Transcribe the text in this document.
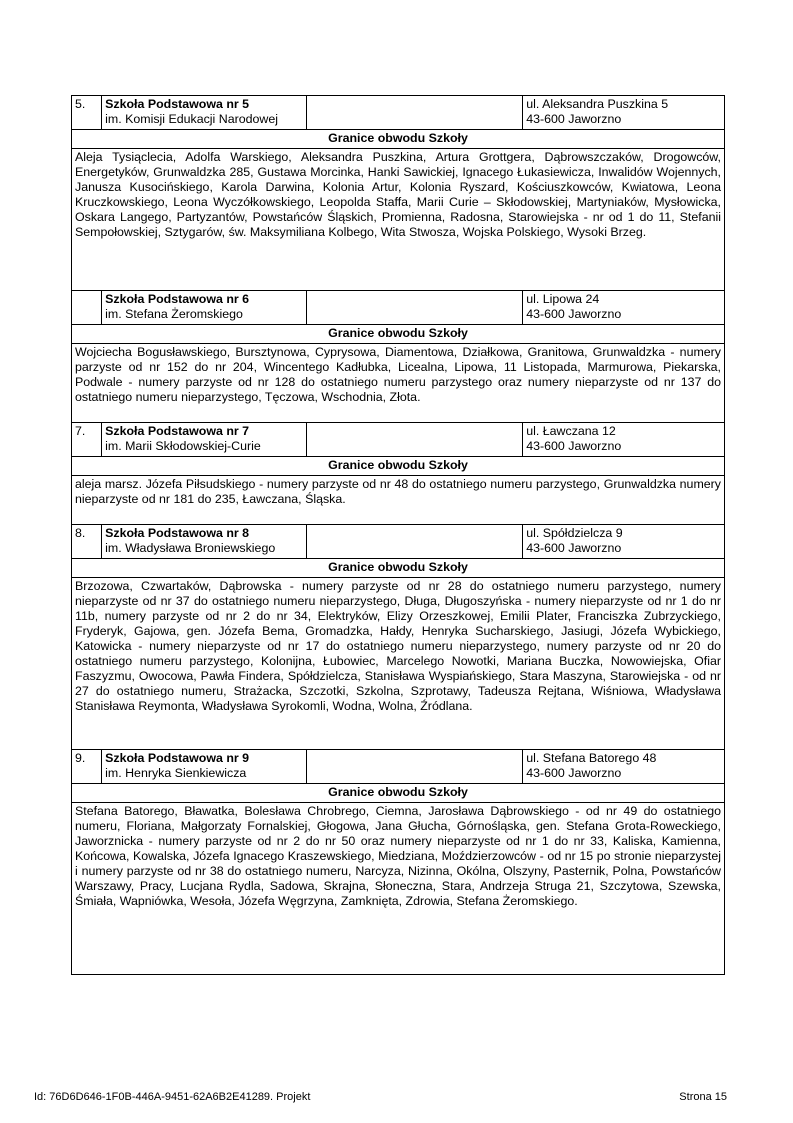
5.	Szkoła Podstawowa nr 5
im. Komisji Edukacji Narodowej		ul. Aleksandra Puszkina 5
43-600 Jaworzno

Granice obwodu Szkoły			
Aleja Tysiąclecia, Adolfa Warskiego, Aleksandra Puszkina, Artura Grottgera, Dąbrowszczaków, Drogowców, Energetyków, Grunwaldzka 285, Gustawa Morcinka, Hanki Sawickiej, Ignacego Łukasiewicza, Inwalidów Wojennych, Janusza Kusocińskiego, Karola Darwina, Kolonia Artur, Kolonia Ryszard, Kościuszkowców, Kwiatowa, Leona Kruczkowskiego, Leona Wyczółkowskiego, Leopolda Staffa, Marii Curie – Skłodowskiej, Martyniaków, Mysłowicka, Oskara Langego, Partyzantów, Powstańców Śląskich, Promienna, Radosna, Starowiejska - nr od 1 do 11, Stefanii Sempołowskiej, Sztygarów, św. Maksymiliana Kolbego, Wita Stwosza, Wojska Polskiego, Wysoki Brzeg.			

	Szkoła Podstawowa nr 6
im. Stefana Żeromskiego		ul. Lipowa 24
43-600 Jaworzno

Granice obwodu Szkoły			
Wojciecha Bogusławskiego, Bursztynowa, Cyprysowa, Diamentowa, Działkowa, Granitowa, Grunwaldzka - numery parzyste od nr 152 do nr 204, Wincentego Kadłubka, Licealna, Lipowa, 11 Listopada, Marmurowa, Piekarska, Podwale - numery parzyste od nr 128 do ostatniego numeru parzystego oraz numery nieparzyste od nr 137 do ostatniego numeru nieparzystego, Tęczowa, Wschodnia, Złota.			
7.	Szkoła Podstawowa nr 7
im. Marii Skłodowskiej-Curie		ul. Ławczana 12
43-600 Jaworzno

Granice obwodu Szkoły			
aleja marsz. Józefa Piłsudskiego - numery parzyste od nr 48 do ostatniego numeru parzystego, Grunwaldzka numery nieparzyste od nr 181 do 235, Ławczana, Śląska.			
8.	Szkoła Podstawowa nr 8
im. Władysława Broniewskiego		ul. Spółdzielcza 9
43-600 Jaworzno

Granice obwodu Szkoły			
Brzozowa, Czwartaków, Dąbrowska - numery parzyste od nr 28 do ostatniego numeru parzystego, numery nieparzyste od nr 37 do ostatniego numeru nieparzystego, Długa, Długoszyńska - numery nieparzyste od nr 1 do nr 11b, numery parzyste od nr 2 do nr 34, Elektryków, Elizy Orzeszkowej, Emilii Plater, Franciszka Zubrzyckiego, Fryderyk, Gajowa, gen. Józefa Bema, Gromadzka, Hałdy, Henryka Sucharskiego, Jasiugi, Józefa Wybickiego, Katowicka - numery nieparzyste od nr 17 do ostatniego numeru nieparzystego, numery parzyste od nr 20 do ostatniego numeru parzystego, Kolonijna, Łubowiec, Marcelego Nowotki, Mariana Buczka, Nowowiejska, Ofiar Faszyzmu, Owocowa, Pawła Findera, Spółdzielcza, Stanisława Wyspiańskiego, Stara Maszyna, Starowiejska - od nr 27 do ostatniego numeru, Strażacka, Szczotki, Szkolna, Szprotawy, Tadeusza Rejtana, Wiśniowa, Władysława Stanisława Reymonta, Władysława Syrokomli, Wodna, Wolna, Źródlana.			
9.	Szkoła Podstawowa nr 9
im. Henryka Sienkiewicza		ul. Stefana Batorego 48
43-600 Jaworzno

Granice obwodu Szkoły			
Stefana Batorego, Bławatka, Bolesława Chrobrego, Ciemna, Jarosława Dąbrowskiego - od nr 49 do ostatniego numeru, Floriana, Małgorzaty Fornalskiej, Głogowa, Jana Głucha, Górnośląska, gen. Stefana Grota-Roweckiego, Jaworznicka - numery parzyste od nr 2 do nr 50 oraz numery nieparzyste od nr 1 do nr 33, Kaliska, Kamienna, Końcowa, Kowalska, Józefa Ignacego Kraszewskiego, Miedziana, Moździerzowców - od nr 15 po stronie nieparzystej i numery parzyste od nr 38 do ostatniego numeru, Narcyza, Nizinna, Okólna, Olszyny, Pasternik, Polna, Powstańców Warszawy, Pracy, Lucjana Rydla, Sadowa, Skrajna, Słoneczna, Stara, Andrzeja Struga 21, Szczytowa, Szewska, Śmiała, Wapniówka, Wesoła, Józefa Węgrzyna, Zamknięta, Zdrowia, Stefana Żeromskiego.			
Id: 76D6D646-1F0B-446A-9451-62A6B2E41289. Projekt	Strona 15
